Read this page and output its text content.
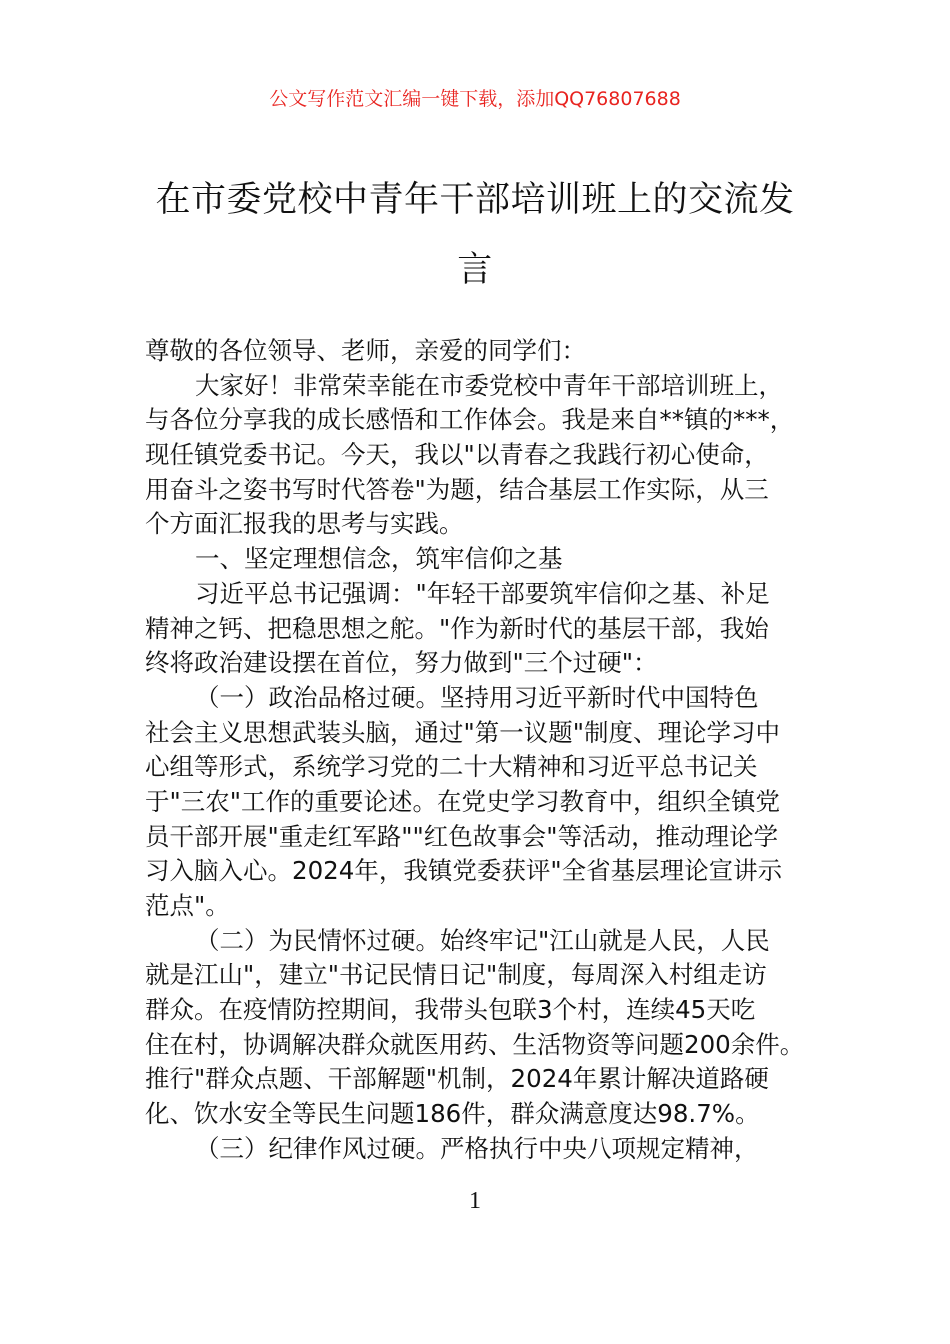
公文写作范文汇编一键下载，添加QQ76807688
在市委党校中青年干部培训班上的交流发
言
尊敬的各位领导、老师，亲爱的同学们：
大家好！非常荣幸能在市委党校中青年干部培训班上，
与各位分享我的成长感悟和工作体会。我是来自**镇的***，
现任镇党委书记。今天，我以"以青春之我践行初心使命，
用奋斗之姿书写时代答卷"为题，结合基层工作实际，从三
个方面汇报我的思考与实践。
一、坚定理想信念，筑牢信仰之基
习近平总书记强调："年轻干部要筑牢信仰之基、补足
精神之钙、把稳思想之舵。"作为新时代的基层干部，我始
终将政治建设摆在首位，努力做到"三个过硬"：
（一）政治品格过硬。坚持用习近平新时代中国特色
社会主义思想武装头脑，通过"第一议题"制度、理论学习中
心组等形式，系统学习党的二十大精神和习近平总书记关
于"三农"工作的重要论述。在党史学习教育中，组织全镇党
员干部开展"重走红军路""红色故事会"等活动，推动理论学
习入脑入心。2024年，我镇党委获评"全省基层理论宣讲示
范点"。
（二）为民情怀过硬。始终牢记"江山就是人民，人民
就是江山"，建立"书记民情日记"制度，每周深入村组走访
群众。在疫情防控期间，我带头包联3个村，连续45天吃
住在村，协调解决群众就医用药、生活物资等问题200余件。
推行"群众点题、干部解题"机制，2024年累计解决道路硬
化、饮水安全等民生问题186件，群众满意度达98.7%。
（三）纪律作风过硬。严格执行中央八项规定精神，
1
